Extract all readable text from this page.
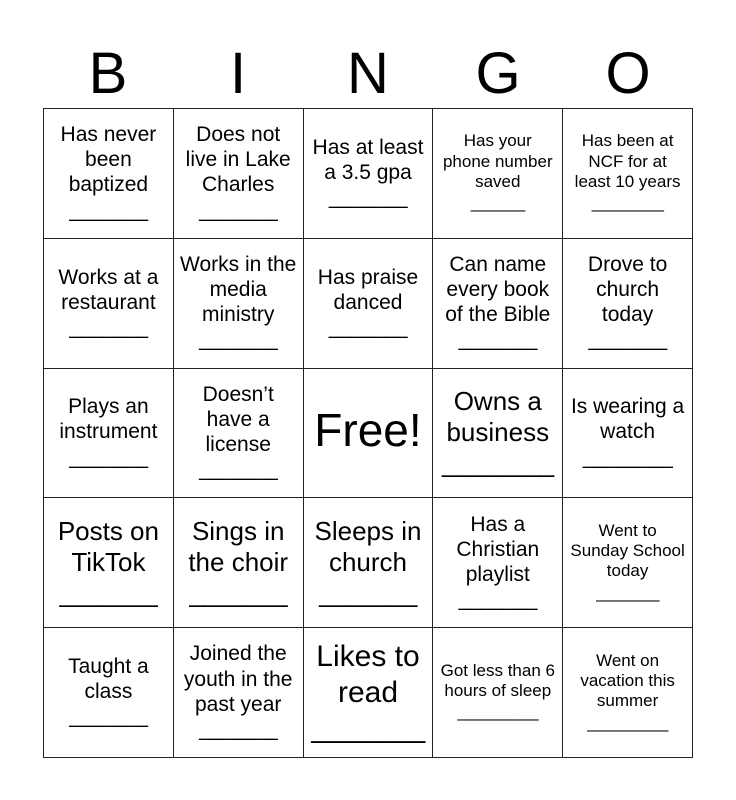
B	I	N	G	O
Has never been baptized
_______
Does not live in Lake Charles
_______
Has at least a 3.5 gpa
_______
Has your phone number saved
______
Has been at NCF for at least 10 years
________
Works at a restaurant
_______
Works in the media ministry
_______
Has praise danced
_______
Can name every book of the Bible
_______
Drove to church today
_______
Plays an instrument
_______
Doesn’t have a license
_______
Free!
Owns a business
________
Is wearing a watch
________
Posts on TikTok
_______
Sings in the choir
_______
Sleeps in church
_______
Has a Christian playlist
_______
Went to Sunday School today
_______
Taught a class
_______
Joined the youth in the past year
_______
Likes to read
_______
Got less than 6 hours of sleep
_________
Went on vacation this summer
_________
